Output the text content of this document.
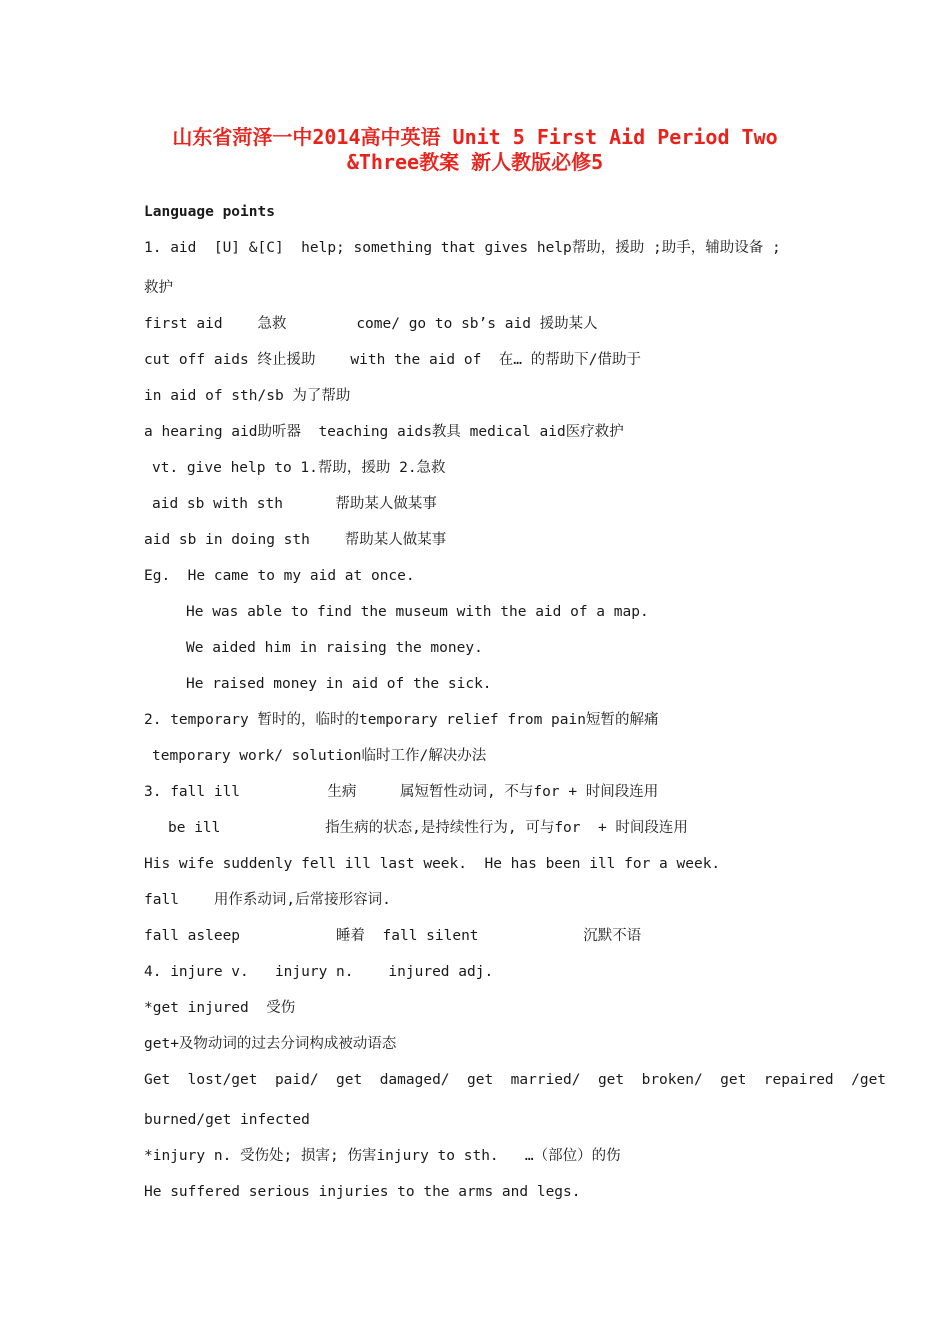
山东省菏泽一中2014高中英语 Unit 5 First Aid Period Two
&Three教案 新人教版必修5
Language points
1. aid  [U] &[C]  help; something that gives help帮助，援助 ;助手，辅助设备 ;
救护
first aid    急救        come/ go to sb’s aid 援助某人
cut off aids 终止援助    with the aid of  在… 的帮助下/借助于
in aid of sth/sb 为了帮助
a hearing aid助听器  teaching aids教具 medical aid医疗救护
vt. give help to 1.帮助，援助 2.急救
aid sb with sth      帮助某人做某事
aid sb in doing sth    帮助某人做某事
Eg.  He came to my aid at once.
He was able to find the museum with the aid of a map.
We aided him in raising the money.
He raised money in aid of the sick.
2. temporary 暂时的，临时的temporary relief from pain短暂的解痛
temporary work/ solution临时工作/解决办法
3. fall ill          生病     属短暂性动词, 不与for + 时间段连用
be ill            指生病的状态,是持续性行为, 可与for  + 时间段连用
His wife suddenly fell ill last week.  He has been ill for a week.
fall    用作系动词,后常接形容词.
fall asleep           睡着  fall silent            沉默不语
4. injure v.   injury n.    injured adj.
*get injured  受伤
get+及物动词的过去分词构成被动语态
Get  lost/get  paid/  get  damaged/  get  married/  get  broken/  get  repaired  /get
burned/get infected
*injury n. 受伤处; 损害; 伤害injury to sth.   …（部位）的伤
He suffered serious injuries to the arms and legs.
